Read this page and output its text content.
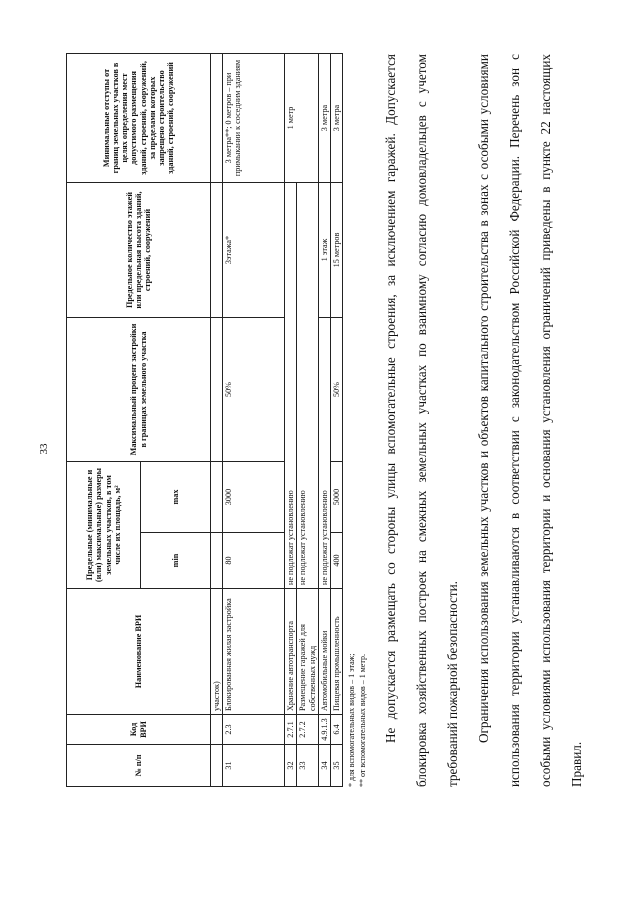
33
№ п/п	Код ВРИ	Наименование ВРИ	Предельные (минимальные и (или) максимальные) размеры земельных участков, в том числе их площадь, м²		Максимальный процент застройки в границах земельного участка	Предельное количество этажей или предельная высота зданий, строений, сооружений	Минимальные отступы от границ земельных участков в целях определения мест допустимого размещения зданий, строений, сооружений, за пределами которых запрещено строительство зданий, строений, сооружений
			min	max			
		участок)					
31	2.3	Блокированная жилая застройка	80	3000	50%	3этажа*	3 метра**; 0 метров – при примыкании к соседним зданиям
32	2.7.1	Хранение автотранспорта	не подлежат установлению				1 метр
33	2.7.2	Размещение гаражей для собственных нужд	не подлежат установлению				
34	4.9.1.3	Автомобильные мойки	не подлежат установлению			1 этаж	3 метра
35	6.4	Пищевая промышленность	400	5000	50%	15 метров	3 метра
* для вспомогательных видов – 1 этаж; ** от вспомогательных видов – 1 метр.	Не допускается размещать со стороны улицы вспомогательные строения, за исключением гаражей. Допускается блокировка хозяйственных построек на смежных земельных участках по взаимному согласию домовладельцев с учетом требований пожарной безопасности.	Ограничения использования земельных участков и объектов капитального строительства в зонах с особыми условиями использования территории устанавливаются в соответствии с законодательством Российской Федерации. Перечень зон с особыми условиями использования территории и основания установления ограничений приведены в пункте 22 настоящих Правил.
